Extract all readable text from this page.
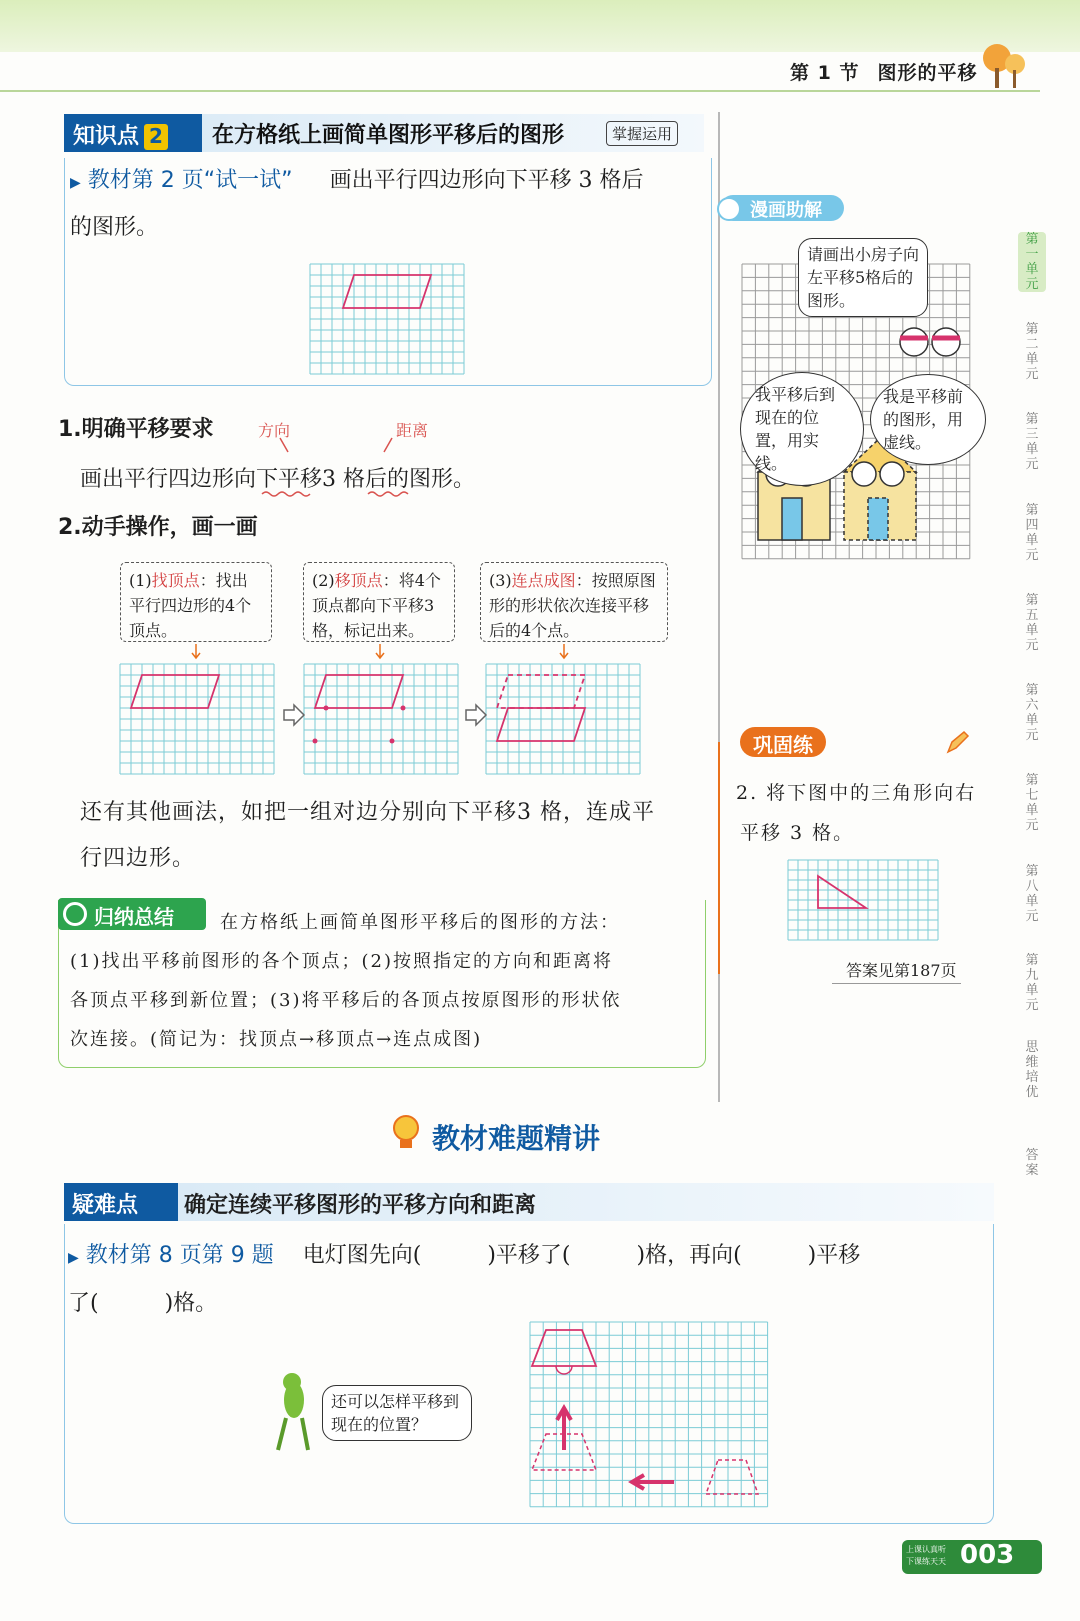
第 1 节 图形的平移
知识点 2	在方格纸上画简单图形平移后的图形	掌握运用
▶ 教材第 2 页“试一试” 画出平行四边形向下平移 3 格后
的图形。
1.明确平移要求	方向	距离
画出平行四边形向下平移3 格后的图形。
2.动手操作，画一画
(1)找顶点：找出平行四边形的4个顶点。
(2)移顶点：将4个顶点都向下平移3格，标记出来。
(3)连点成图：按照原图形的形状依次连接平移后的4个点。
还有其他画法，如把一组对边分别向下平移3 格，连成平
行四边形。
归纳总结	在方格纸上画简单图形平移后的图形的方法：
(1)找出平移前图形的各个顶点；(2)按照指定的方向和距离将
各顶点平移到新位置；(3)将平移后的各顶点按原图形的形状依
次连接。(简记为：找顶点→移顶点→连点成图)
教材难题精讲
疑难点	确定连续平移图形的平移方向和距离
▶ 教材第 8 页第 9 题 电灯图先向(　　　)平移了(　　　)格，再向(　　　)平移
了(　　　)格。
还可以怎样平移到现在的位置？
漫画助解
请画出小房子向左平移5格后的图形。
我平移后到现在的位置，用实线。
我是平移前的图形，用虚线。
巩固练
2. 将下图中的三角形向右
平移 3 格。
答案见第187页
第
一
单
元
第
二
单
元
第
三
单
元
第
四
单
元
第
五
单
元
第
六
单
元
第
七
单
元
第
八
单
元
第
九
单
元
思
维
培
优
答
案
上课认真听
下课练天天 003
